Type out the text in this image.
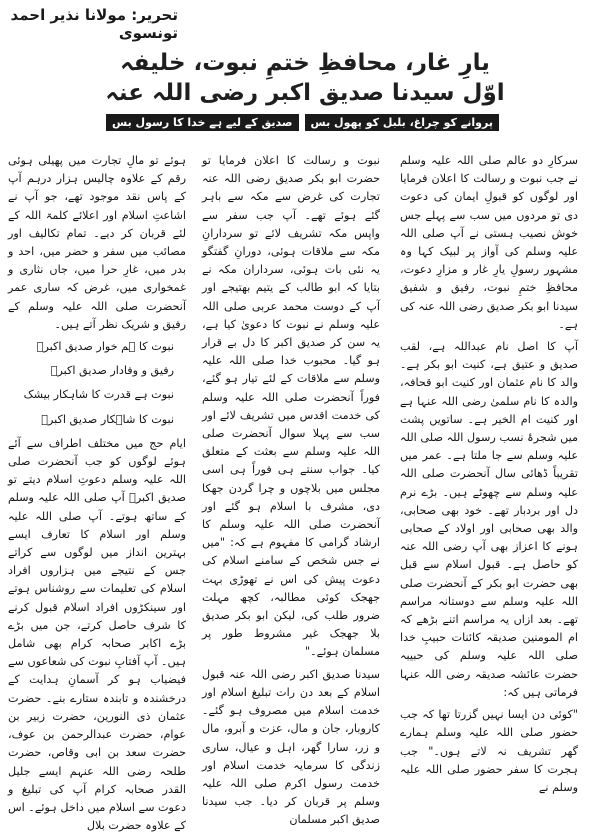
تحریر: مولانا نذیر احمد تونسوی
یارِ غار، محافظِ ختمِ نبوت، خلیفہ اوّل سیدنا صدیق اکبر رضی اللہ عنہ
پروانے کو چراغ، بلبل کو پھول بس
صدیق کے لیے ہے خدا کا رسول بس

سرکارِ دو عالم صلی اللہ علیہ وسلم نے جب نبوت و رسالت کا اعلان فرمایا اور لوگوں کو قبولِ ایمان کی دعوت دی تو مردوں میں سب سے پہلے جس خوش نصیب ہستی نے آپ صلی اللہ علیہ وسلم کی آواز پر لبیک کہا وہ مشہور رسولِ یارِ غار و مزارِ دعوت، محافظِ ختمِ نبوت، رفیق و شفیق سیدنا ابو بکر صدیق رضی اللہ عنہ کی ہے۔

آپ کا اصل نام عبداللہ ہے، لقب صدیق و عتیق ہے، کنیت ابو بکر ہے۔ والد کا نام عثمان اور کنیت ابو قحافہ، والدہ کا نام سلمیٰ رضی اللہ عنہا ہے اور کنیت ام الخیر ہے۔ ساتویں پشت میں شجرۂ نسب رسول اللہ صلی اللہ علیہ وسلم سے جا ملتا ہے۔ عمر میں تقریباً ڈھائی سال آنحضرت صلی اللہ علیہ وسلم سے چھوٹے ہیں۔ بڑے نرم دل اور بردبار تھے۔ خود بھی صحابی، والد بھی صحابی اور اولاد کے صحابی ہونے کا اعزاز بھی آپ رضی اللہ عنہ کو حاصل ہے۔ قبول اسلام سے قبل بھی حضرت ابو بکر کے آنحضرت صلی اللہ علیہ وسلم سے دوستانہ مراسم تھے۔ بعد ازاں یہ مراسم اتنے بڑھے کہ ام المومنین صدیقہ کائنات حبیبِ خدا صلی اللہ علیہ وسلم کی حبیبہ حضرت عائشہ صدیقہ رضی اللہ عنہا فرماتی ہیں کہ:

"کوئی دن ایسا نہیں گزرتا تھا کہ جب حضور صلی اللہ علیہ وسلم ہمارے گھر تشریف نہ لاتے ہوں۔" جب ہجرت کا سفر حضور صلی اللہ علیہ وسلم نے

نبوت و رسالت کا اعلان فرمایا تو حضرت ابو بکر صدیق رضی اللہ عنہ تجارت کی غرض سے مکہ سے باہر گئے ہوئے تھے۔ آپ جب سفر سے واپس مکہ تشریف لائے تو سردارانِ مکہ سے ملاقات ہوئی، دورانِ گفتگو یہ نئی بات ہوئی، سرداران مکہ نے بتایا کہ ابو طالب کے یتیم بھتیجے اور آپ کے دوست محمد عربی صلی اللہ علیہ وسلم نے نبوت کا دعویٰ کیا ہے، یہ سن کر صدیق اکبر کا دل بے قرار ہو گیا۔ محبوب خدا صلی اللہ علیہ وسلم سے ملاقات کے لئے تیار ہو گئے، فوراً آنحضرت صلی اللہ علیہ وسلم کی خدمت اقدس میں تشریف لائے اور سب سے پہلا سوال آنحضرت صلی اللہ علیہ وسلم سے بعثت کے متعلق کیا۔ جواب سنتے ہی فوراً ہی اسی مجلس میں بلاچوں و چرا گردن جھکا دی، مشرف با اسلام ہو گئے اور آنحضرت صلی اللہ علیہ وسلم کا ارشاد گرامی کا مفہوم ہے کہ: "میں نے جس شخص کے سامنے اسلام کی دعوت پیش کی اس نے تھوڑی بہت جھجک کوئی مطالبہ، کچھ مہلت ضرور طلب کی، لیکن ابو بکر صدیق بلا جھجک غیر مشروط طور پر مسلمان ہوئے۔"

سیدنا صدیق اکبر رضی اللہ عنہ قبول اسلام کے بعد دن رات تبلیغ اسلام اور خدمت اسلام میں مصروف ہو گئے۔ کاروبار، جان و مال، عزت و آبرو، مال و زر، سارا گھر، اہل و عیال، ساری زندگی کا سرمایہ خدمت اسلام اور خدمت رسول اکرم صلی اللہ علیہ وسلم پر قربان کر دیا۔ جب سیدنا صدیق اکبر مسلمان

ہوئے تو مالِ تجارت میں پھیلی ہوئی رقم کے علاوہ چالیس ہزار درہم آپ کے پاس نقد موجود تھے، جو آپ نے اشاعتِ اسلام اور اعلائے کلمۃ اللہ کے لئے قربان کر دیے۔ تمام تکالیف اور مصائب میں سفر و حضر میں، احد و بدر میں، غارِ حرا میں، جاں نثاری و غمخواری میں، غرض کہ ساری عمر آنحضرت صلی اللہ علیہ وسلم کے رفیق و شریک نظر آتے ہیں۔

نبوت کا ہم خوار صدیق اکبرؓ
رفیق و وفادار صدیق اکبرؓ
نبوت ہے قدرت کا شاہکار بیشک
نبوت کا شاہکار صدیق اکبرؓ

ایام حج میں مختلف اطراف سے آئے ہوئے لوگوں کو جب آنحضرت صلی اللہ علیہ وسلم دعوتِ اسلام دیتے تو صدیق اکبرؓ آپ صلی اللہ علیہ وسلم کے ساتھ ہوتے۔ آپ صلی اللہ علیہ وسلم اور اسلام کا تعارف ایسے بہترین انداز میں لوگوں سے کراتے جس کے نتیجے میں ہزاروں افراد اسلام کی تعلیمات سے روشناس ہوتے اور سینکڑوں افراد اسلام قبول کرنے کا شرف حاصل کرتے، جن میں بڑے بڑے اکابر صحابہ کرام بھی شامل ہیں۔ آپ آفتابِ نبوت کی شعاعوں سے فیضیاب ہو کر آسمانِ ہدایت کے درخشندہ و تابندہ ستارے بنے۔ حضرت عثمان ذی النورین، حضرت زبیر بن عوام، حضرت عبدالرحمن بن عوف، حضرت سعد بن ابی وقاص، حضرت طلحہ رضی اللہ عنہم ایسے جلیل القدر صحابہ کرام آپ کی تبلیغ و دعوت سے اسلام میں داخل ہوئے۔ اس کے علاوہ حضرت بلال
